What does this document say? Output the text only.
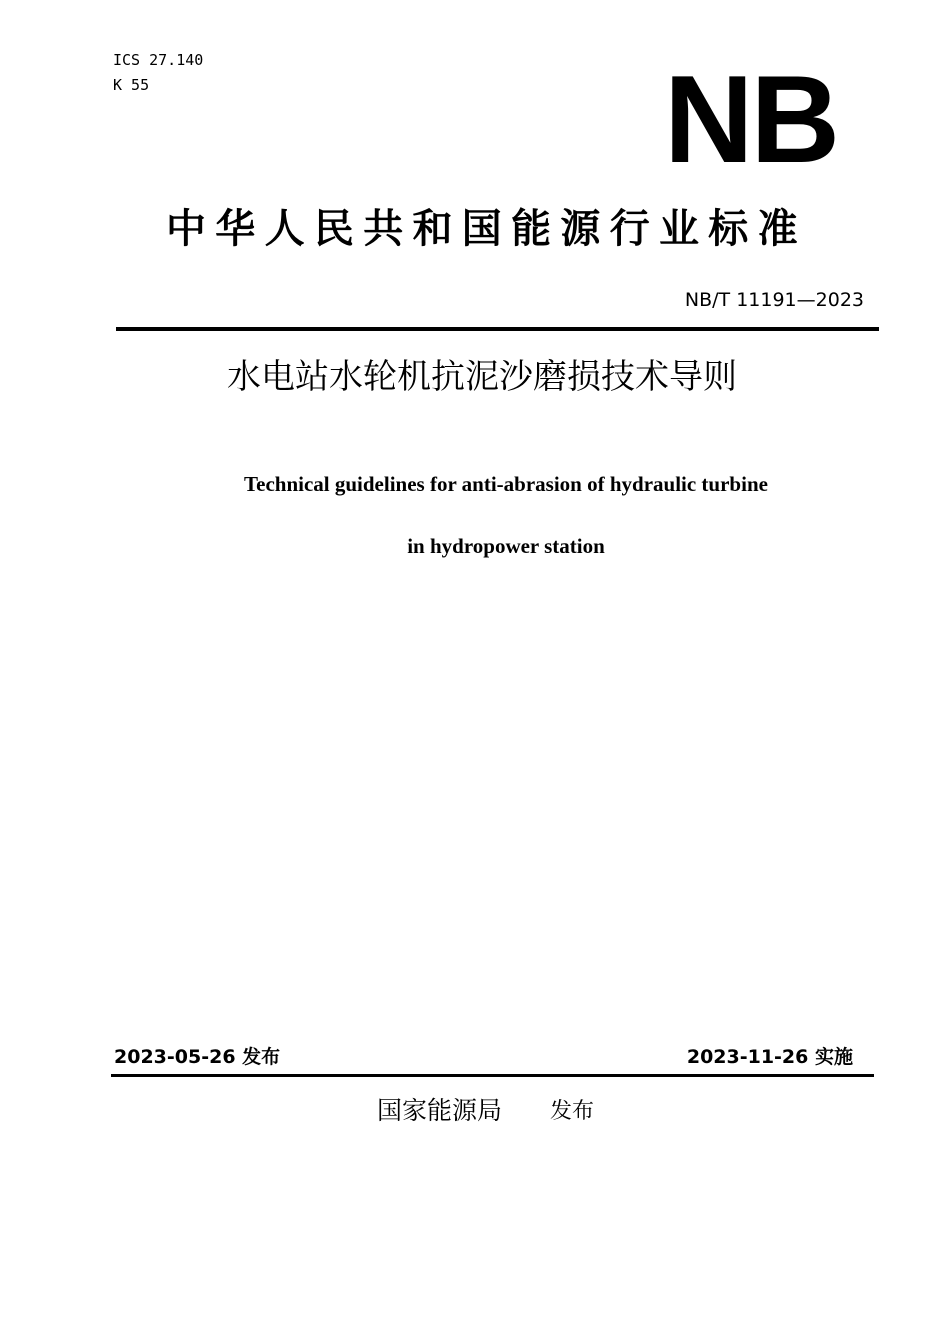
ICS 27.140
K 55	NB
中华人民共和国能源行业标准
NB/T 11191—2023
水电站水轮机抗泥沙磨损技术导则
Technical guidelines for anti-abrasion of hydraulic turbine
in hydropower station
2023-05-26 发布	2023-11-26 实施
国家能源局 发布
